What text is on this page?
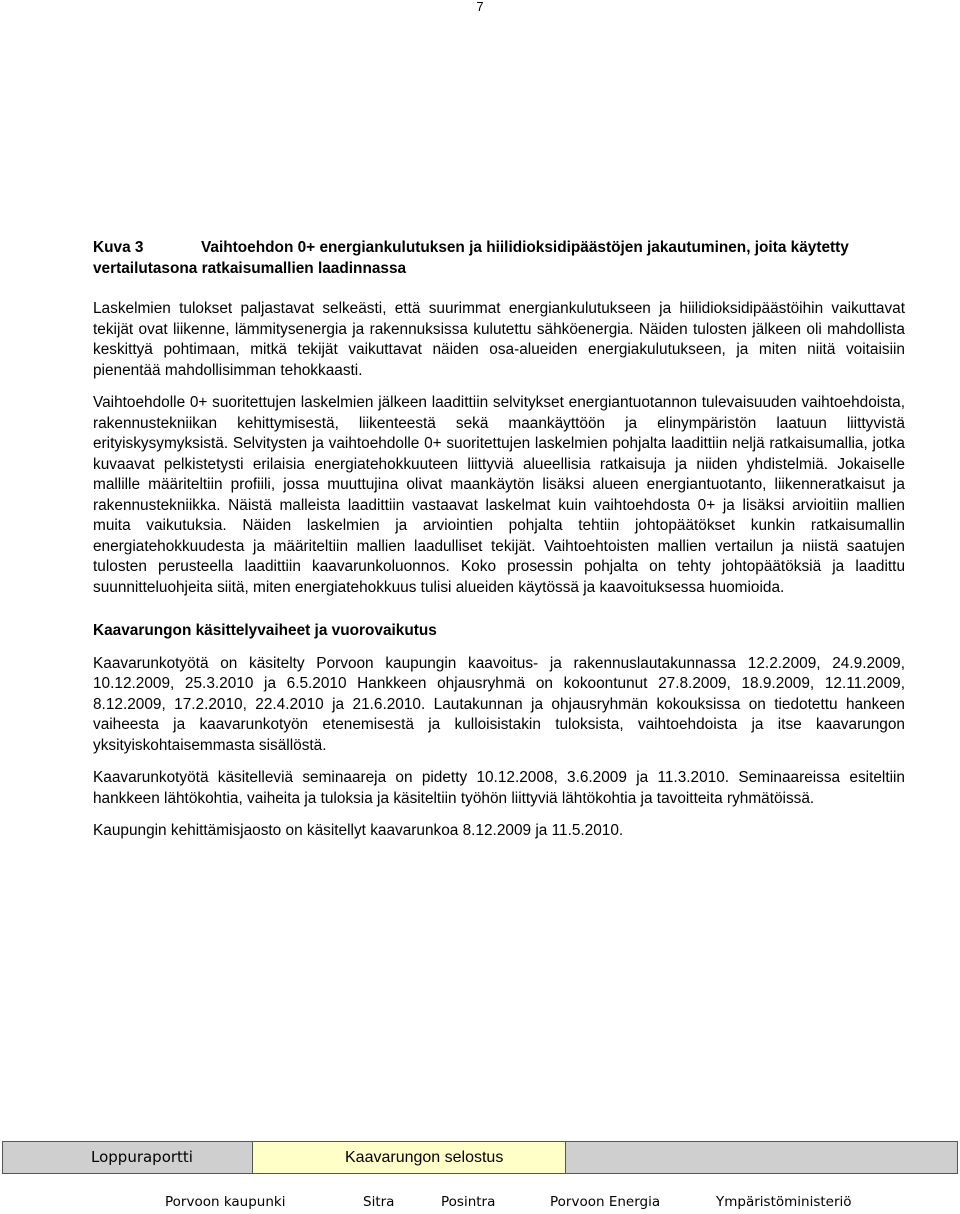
7
Kuva 3	Vaihtoehdon 0+ energiankulutuksen ja hiilidioksidipäästöjen jakautuminen, joita käytetty vertailutasona ratkaisumallien laadinnassa

Laskelmien tulokset paljastavat selkeästi, että suurimmat energiankulutukseen ja hiilidioksidipäästöihin vaikuttavat tekijät ovat liikenne, lämmitysenergia ja rakennuksissa kulutettu sähköenergia. Näiden tulosten jälkeen oli mahdollista keskittyä pohtimaan, mitkä tekijät vaikuttavat näiden osa-alueiden energiakulutukseen, ja miten niitä voitaisiin pienentää mahdollisimman tehokkaasti.

Vaihtoehdolle 0+ suoritettujen laskelmien jälkeen laadittiin selvitykset energiantuotannon tulevaisuuden vaihtoehdoista, rakennustekniikan kehittymisestä, liikenteestä sekä maankäyttöön ja elinympäristön laatuun liittyvistä erityiskysymyksistä. Selvitysten ja vaihtoehdolle 0+ suoritettujen laskelmien pohjalta laadittiin neljä ratkaisumallia, jotka kuvaavat pelkistetysti erilaisia energiatehokkuuteen liittyviä alueellisia ratkaisuja ja niiden yhdistelmiä. Jokaiselle mallille määriteltiin profiili, jossa muuttujina olivat maankäytön lisäksi alueen energiantuotanto, liikenneratkaisut ja rakennustekniikka. Näistä malleista laadittiin vastaavat laskelmat kuin vaihtoehdosta 0+ ja lisäksi arvioitiin mallien muita vaikutuksia. Näiden laskelmien ja arviointien pohjalta tehtiin johtopäätökset kunkin ratkaisumallin energiatehokkuudesta ja määriteltiin mallien laadulliset tekijät. Vaihtoehtoisten mallien vertailun ja niistä saatujen tulosten perusteella laadittiin kaavarunkoluonnos. Koko prosessin pohjalta on tehty johtopäätöksiä ja laadittu suunnitteluohjeita siitä, miten energiatehokkuus tulisi alueiden käytössä ja kaavoituksessa huomioida.

Kaavarungon käsittelyvaiheet ja vuorovaikutus

Kaavarunkotyötä on käsitelty Porvoon kaupungin kaavoitus- ja rakennuslautakunnassa 12.2.2009, 24.9.2009, 10.12.2009, 25.3.2010 ja 6.5.2010 Hankkeen ohjausryhmä on kokoontunut 27.8.2009, 18.9.2009, 12.11.2009, 8.12.2009, 17.2.2010, 22.4.2010 ja 21.6.2010. Lautakunnan ja ohjausryhmän kokouksissa on tiedotettu hankeen vaiheesta ja kaavarunkotyön etenemisestä ja kulloisistakin tuloksista, vaihtoehdoista ja itse kaavarungon yksityiskohtaisemmasta sisällöstä.

Kaavarunkotyötä käsitelleviä seminaareja on pidetty 10.12.2008, 3.6.2009 ja 11.3.2010. Seminaareissa esiteltiin hankkeen lähtökohtia, vaiheita ja tuloksia ja käsiteltiin työhön liittyviä lähtökohtia ja tavoitteita ryhmätöissä.

Kaupungin kehittämisjaosto on käsitellyt kaavarunkoa 8.12.2009 ja 11.5.2010.

Loppuraportti	Kaavarungon selostus
Porvoon kaupunki	Sitra	Posintra	Porvoon Energia	Ympäristöministeriö
